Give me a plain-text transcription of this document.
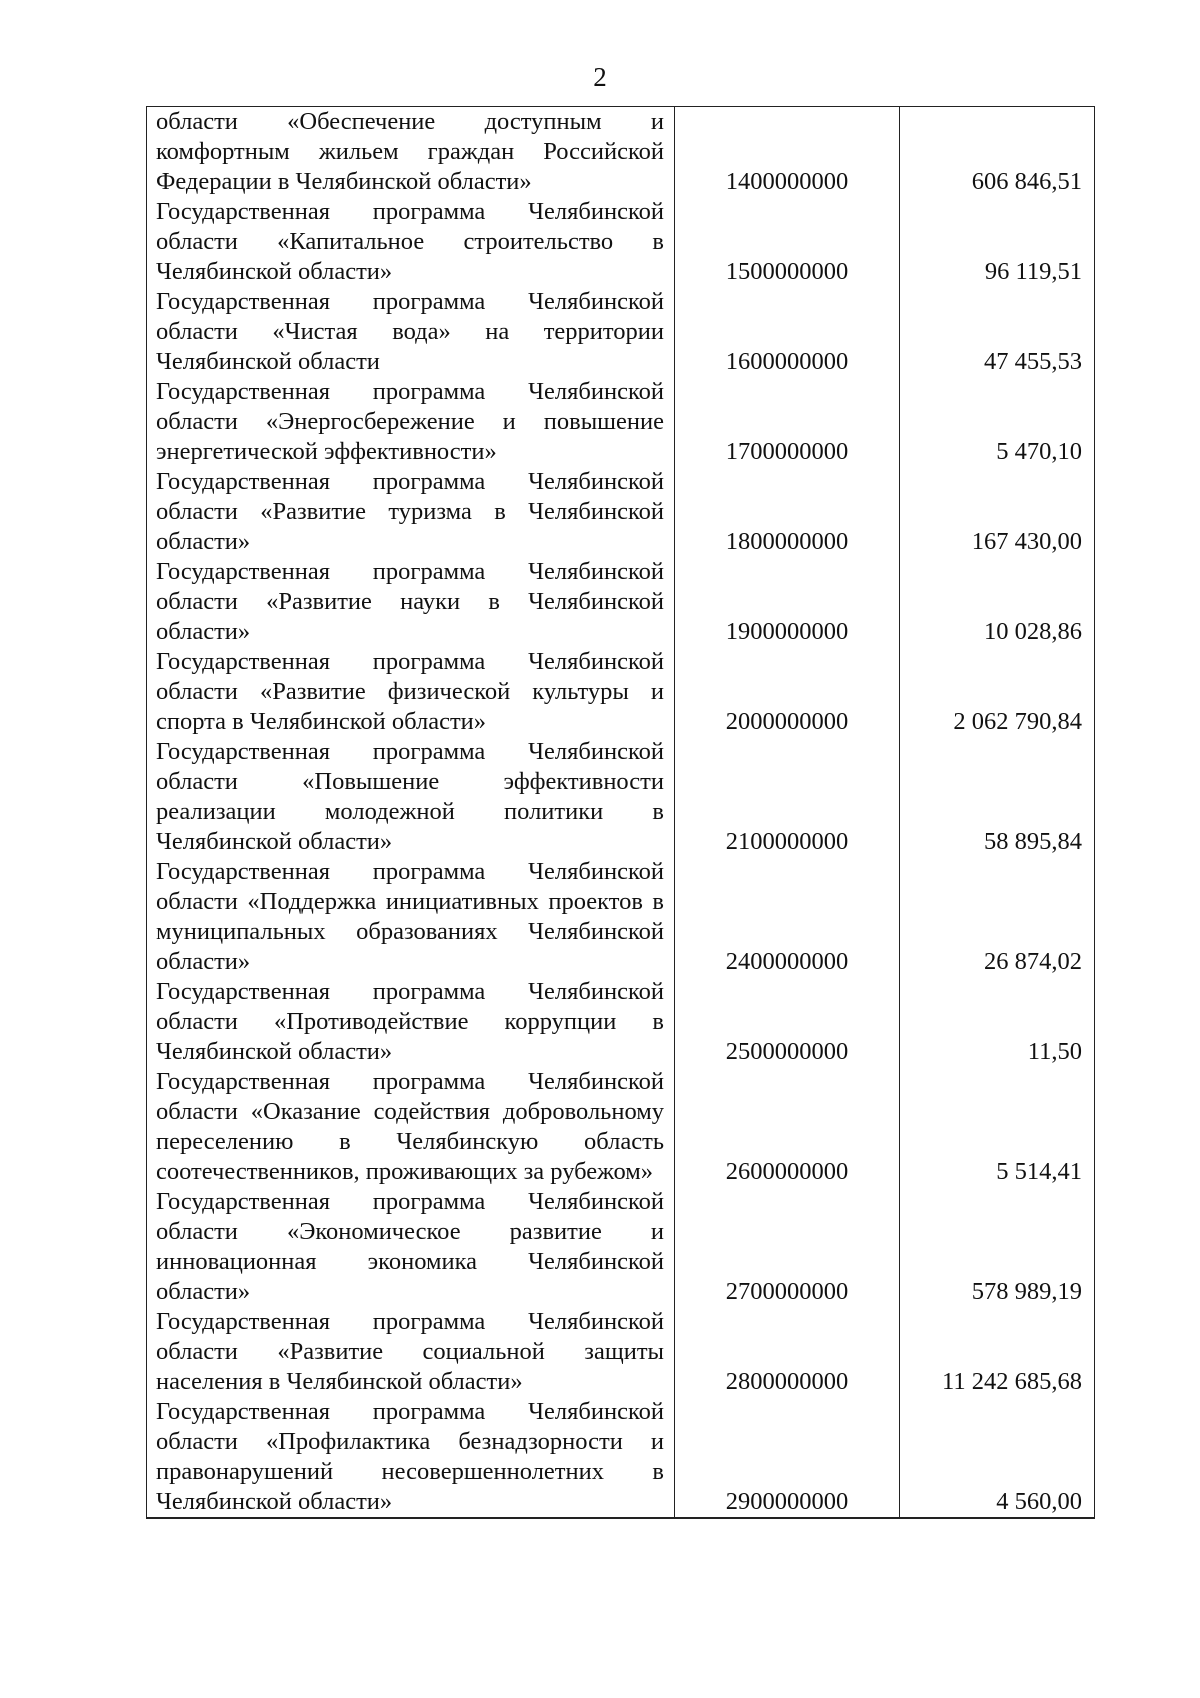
2
области «Обеспечение доступным и комфортным жильем граждан Российской Федерации в Челябинской области»	1400000000	606 846,51
Государственная программа Челябинской области «Капитальное строительство в Челябинской области»	1500000000	96 119,51
Государственная программа Челябинской области «Чистая вода» на территории Челябинской области	1600000000	47 455,53
Государственная программа Челябинской области «Энергосбережение и повышение энергетической эффективности»	1700000000	5 470,10
Государственная программа Челябинской области «Развитие туризма в Челябинской области»	1800000000	167 430,00
Государственная программа Челябинской области «Развитие науки в Челябинской области»	1900000000	10 028,86
Государственная программа Челябинской области «Развитие физической культуры и спорта в Челябинской области»	2000000000	2 062 790,84
Государственная программа Челябинской области «Повышение эффективности реализации молодежной политики в Челябинской области»	2100000000	58 895,84
Государственная программа Челябинской области «Поддержка инициативных проектов в муниципальных образованиях Челябинской области»	2400000000	26 874,02
Государственная программа Челябинской области «Противодействие коррупции в Челябинской области»	2500000000	11,50
Государственная программа Челябинской области «Оказание содействия добровольному переселению в Челябинскую область соотечественников, проживающих за рубежом»	2600000000	5 514,41
Государственная программа Челябинской области «Экономическое развитие и инновационная экономика Челябинской области»	2700000000	578 989,19
Государственная программа Челябинской области «Развитие социальной защиты населения в Челябинской области»	2800000000	11 242 685,68
Государственная программа Челябинской области «Профилактика безнадзорности и правонарушений несовершеннолетних в Челябинской области»	2900000000	4 560,00
